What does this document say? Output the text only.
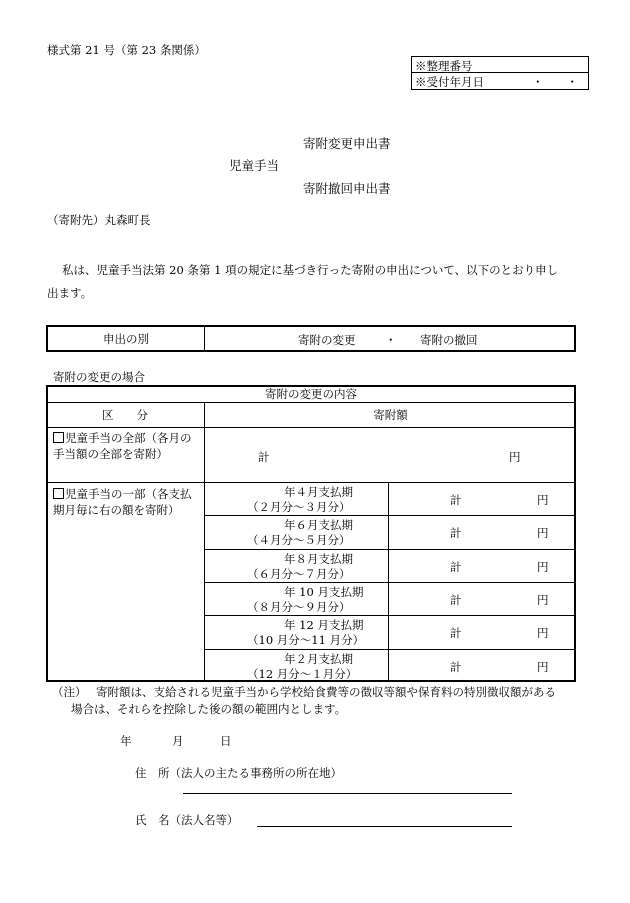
様式第 21 号（第 23 条関係）
※整理番号
※受付年月日	・　　・
寄附変更申出書
児童手当
寄附撤回申出書
（寄附先）丸森町長
私は、児童手当法第 20 条第 1 項の規定に基づき行った寄附の申出について、以下のとおり申し
出ます。
申出の別	寄附の変更	・ 寄附の撤回
寄附の変更の場合
寄附の変更の内容
区　　分	寄附額
児童手当の全部（各月の
手当額の全部を寄附）	計	円
児童手当の一部（各支払
期月毎に右の額を寄附）
年４月支払期
（２月分～３月分）	計	円
年６月支払期
（４月分～５月分）	計	円
年８月支払期
（６月分～７月分）	計	円
年 10 月支払期
（８月分～９月分）	計	円
年 12 月支払期
（10 月分～11 月分）	計	円
年２月支払期
（12 月分～１月分）	計	円
（注） 寄附額は、支給される児童手当から学校給食費等の徴収等額や保育料の特別徴収額がある
場合は、それらを控除した後の額の範囲内とします。
年	月	日
住　所（法人の主たる事務所の所在地）
氏　名（法人名等）
